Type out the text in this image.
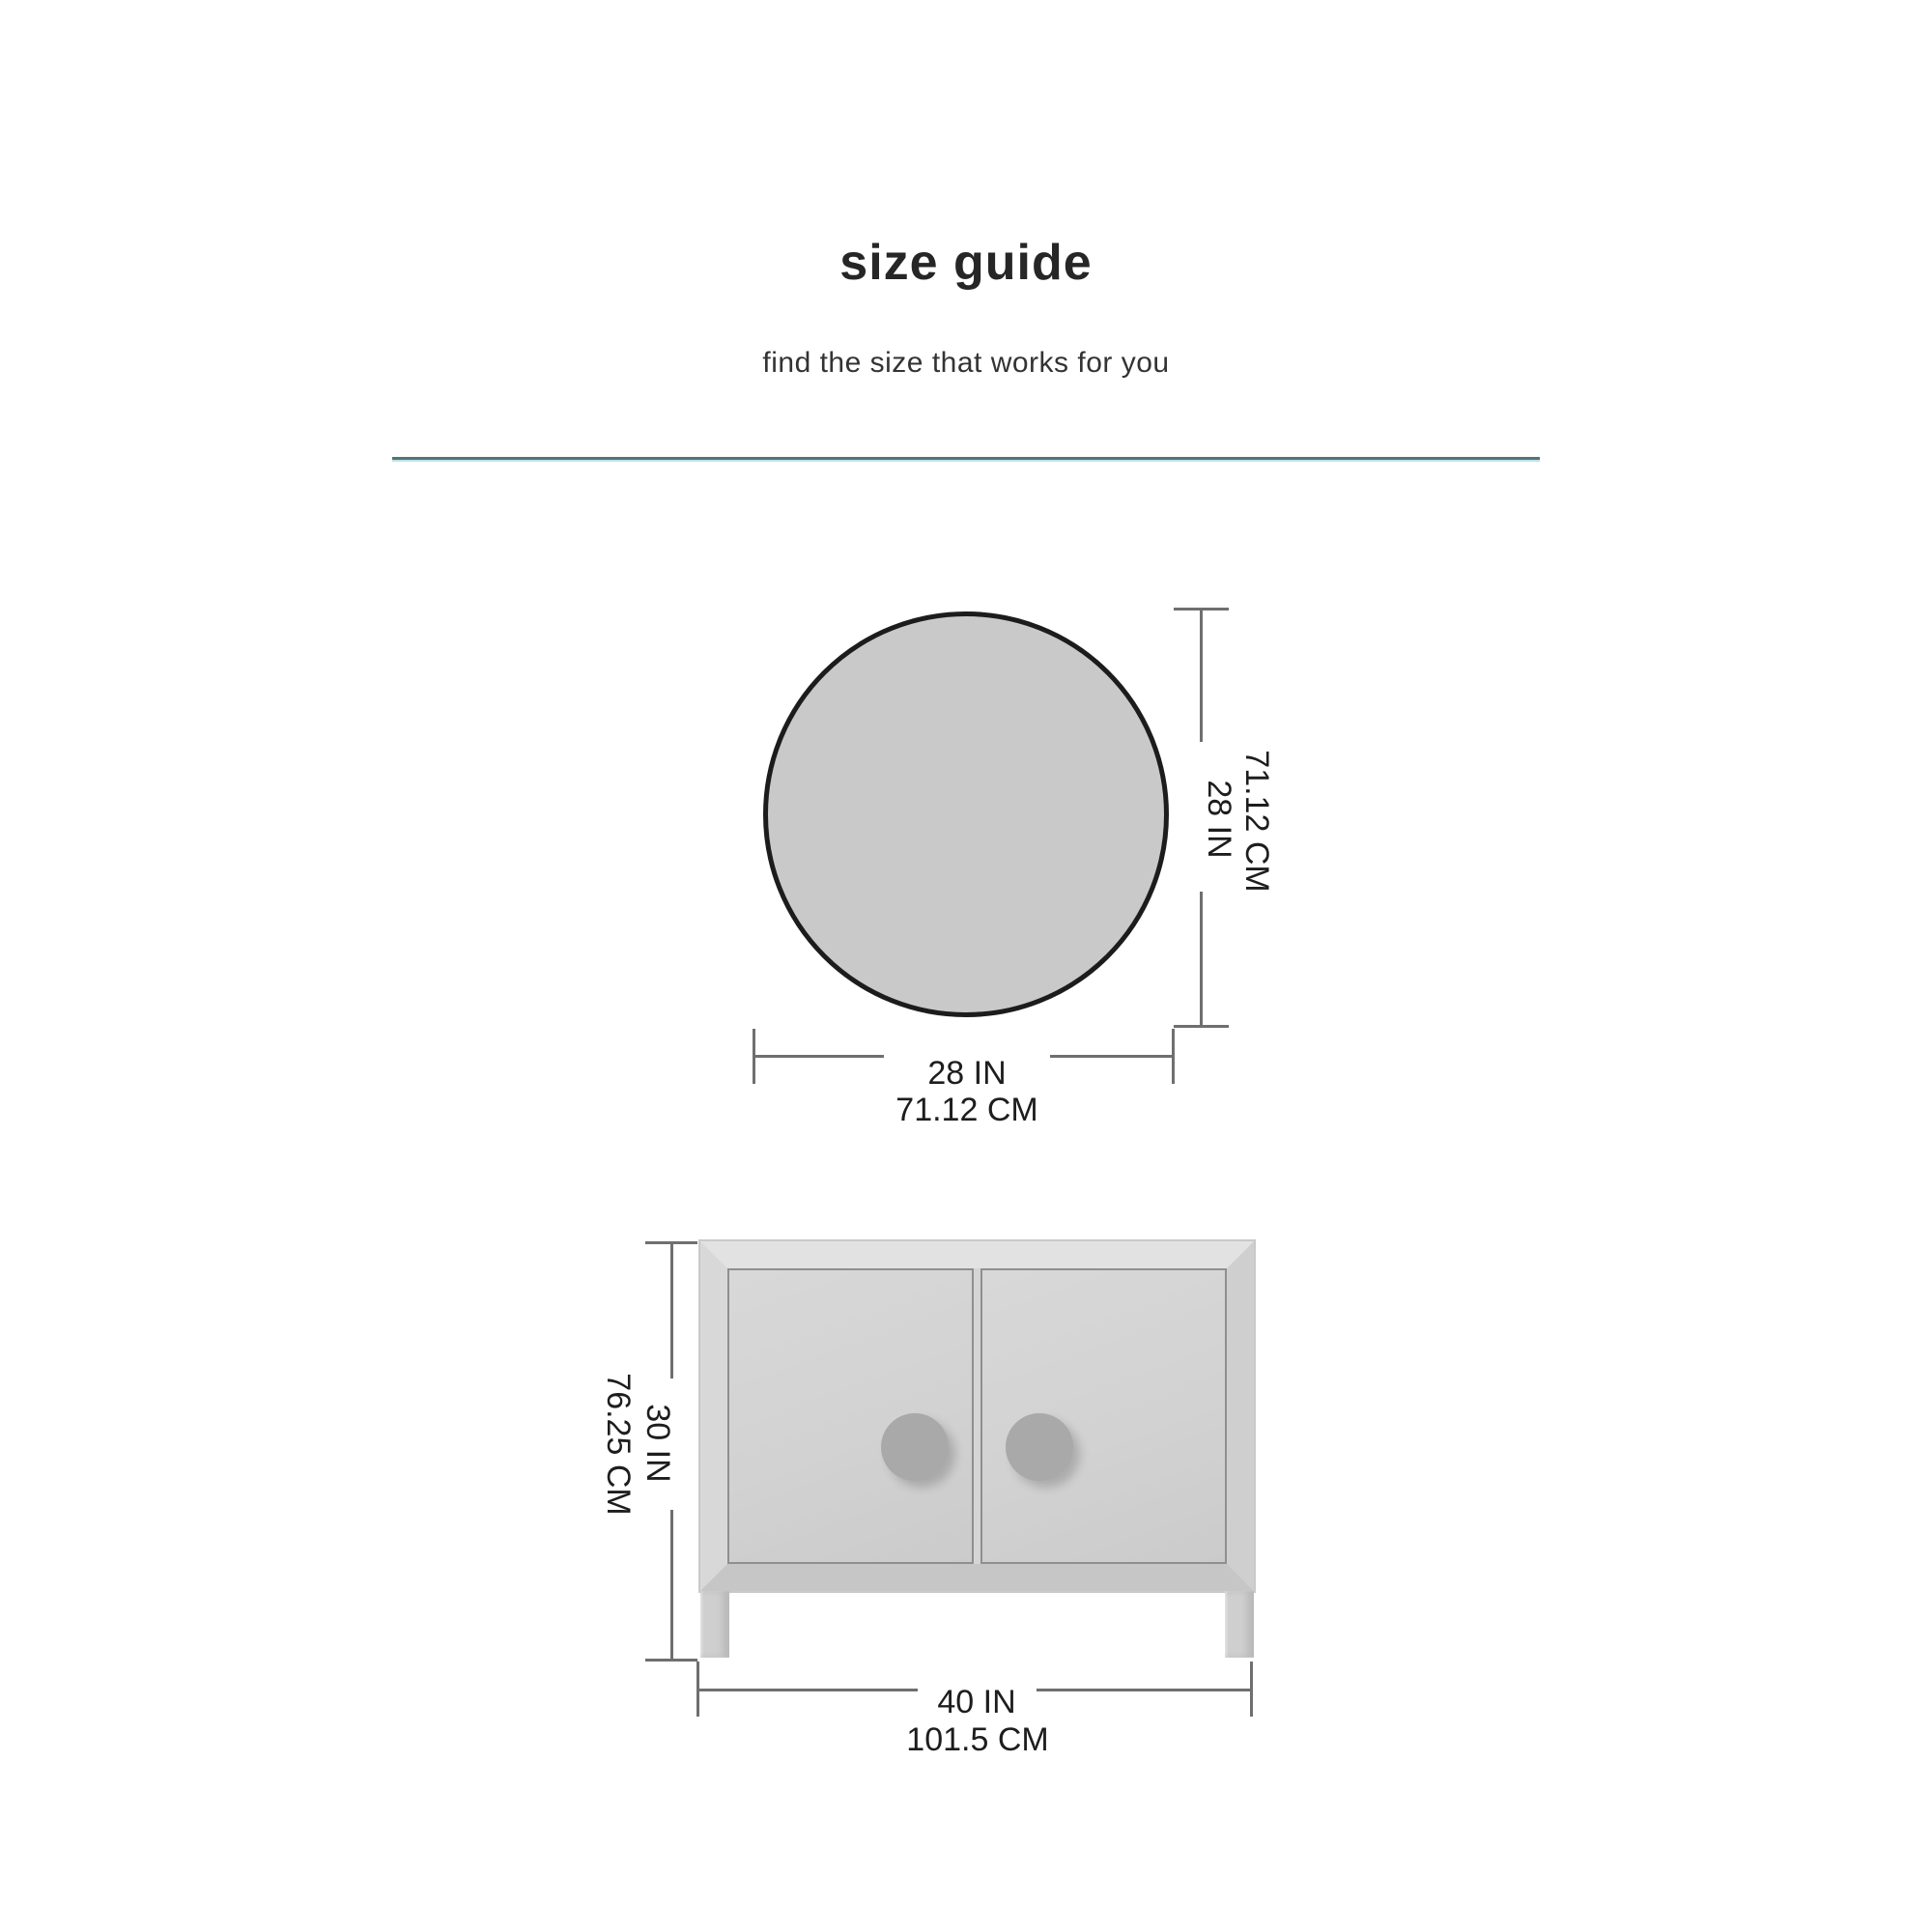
size guide
find the size that works for you
28 IN 71.12 CM
28 IN
71.12 CM
30 IN
76.25 CM
40 IN
101.5 CM
